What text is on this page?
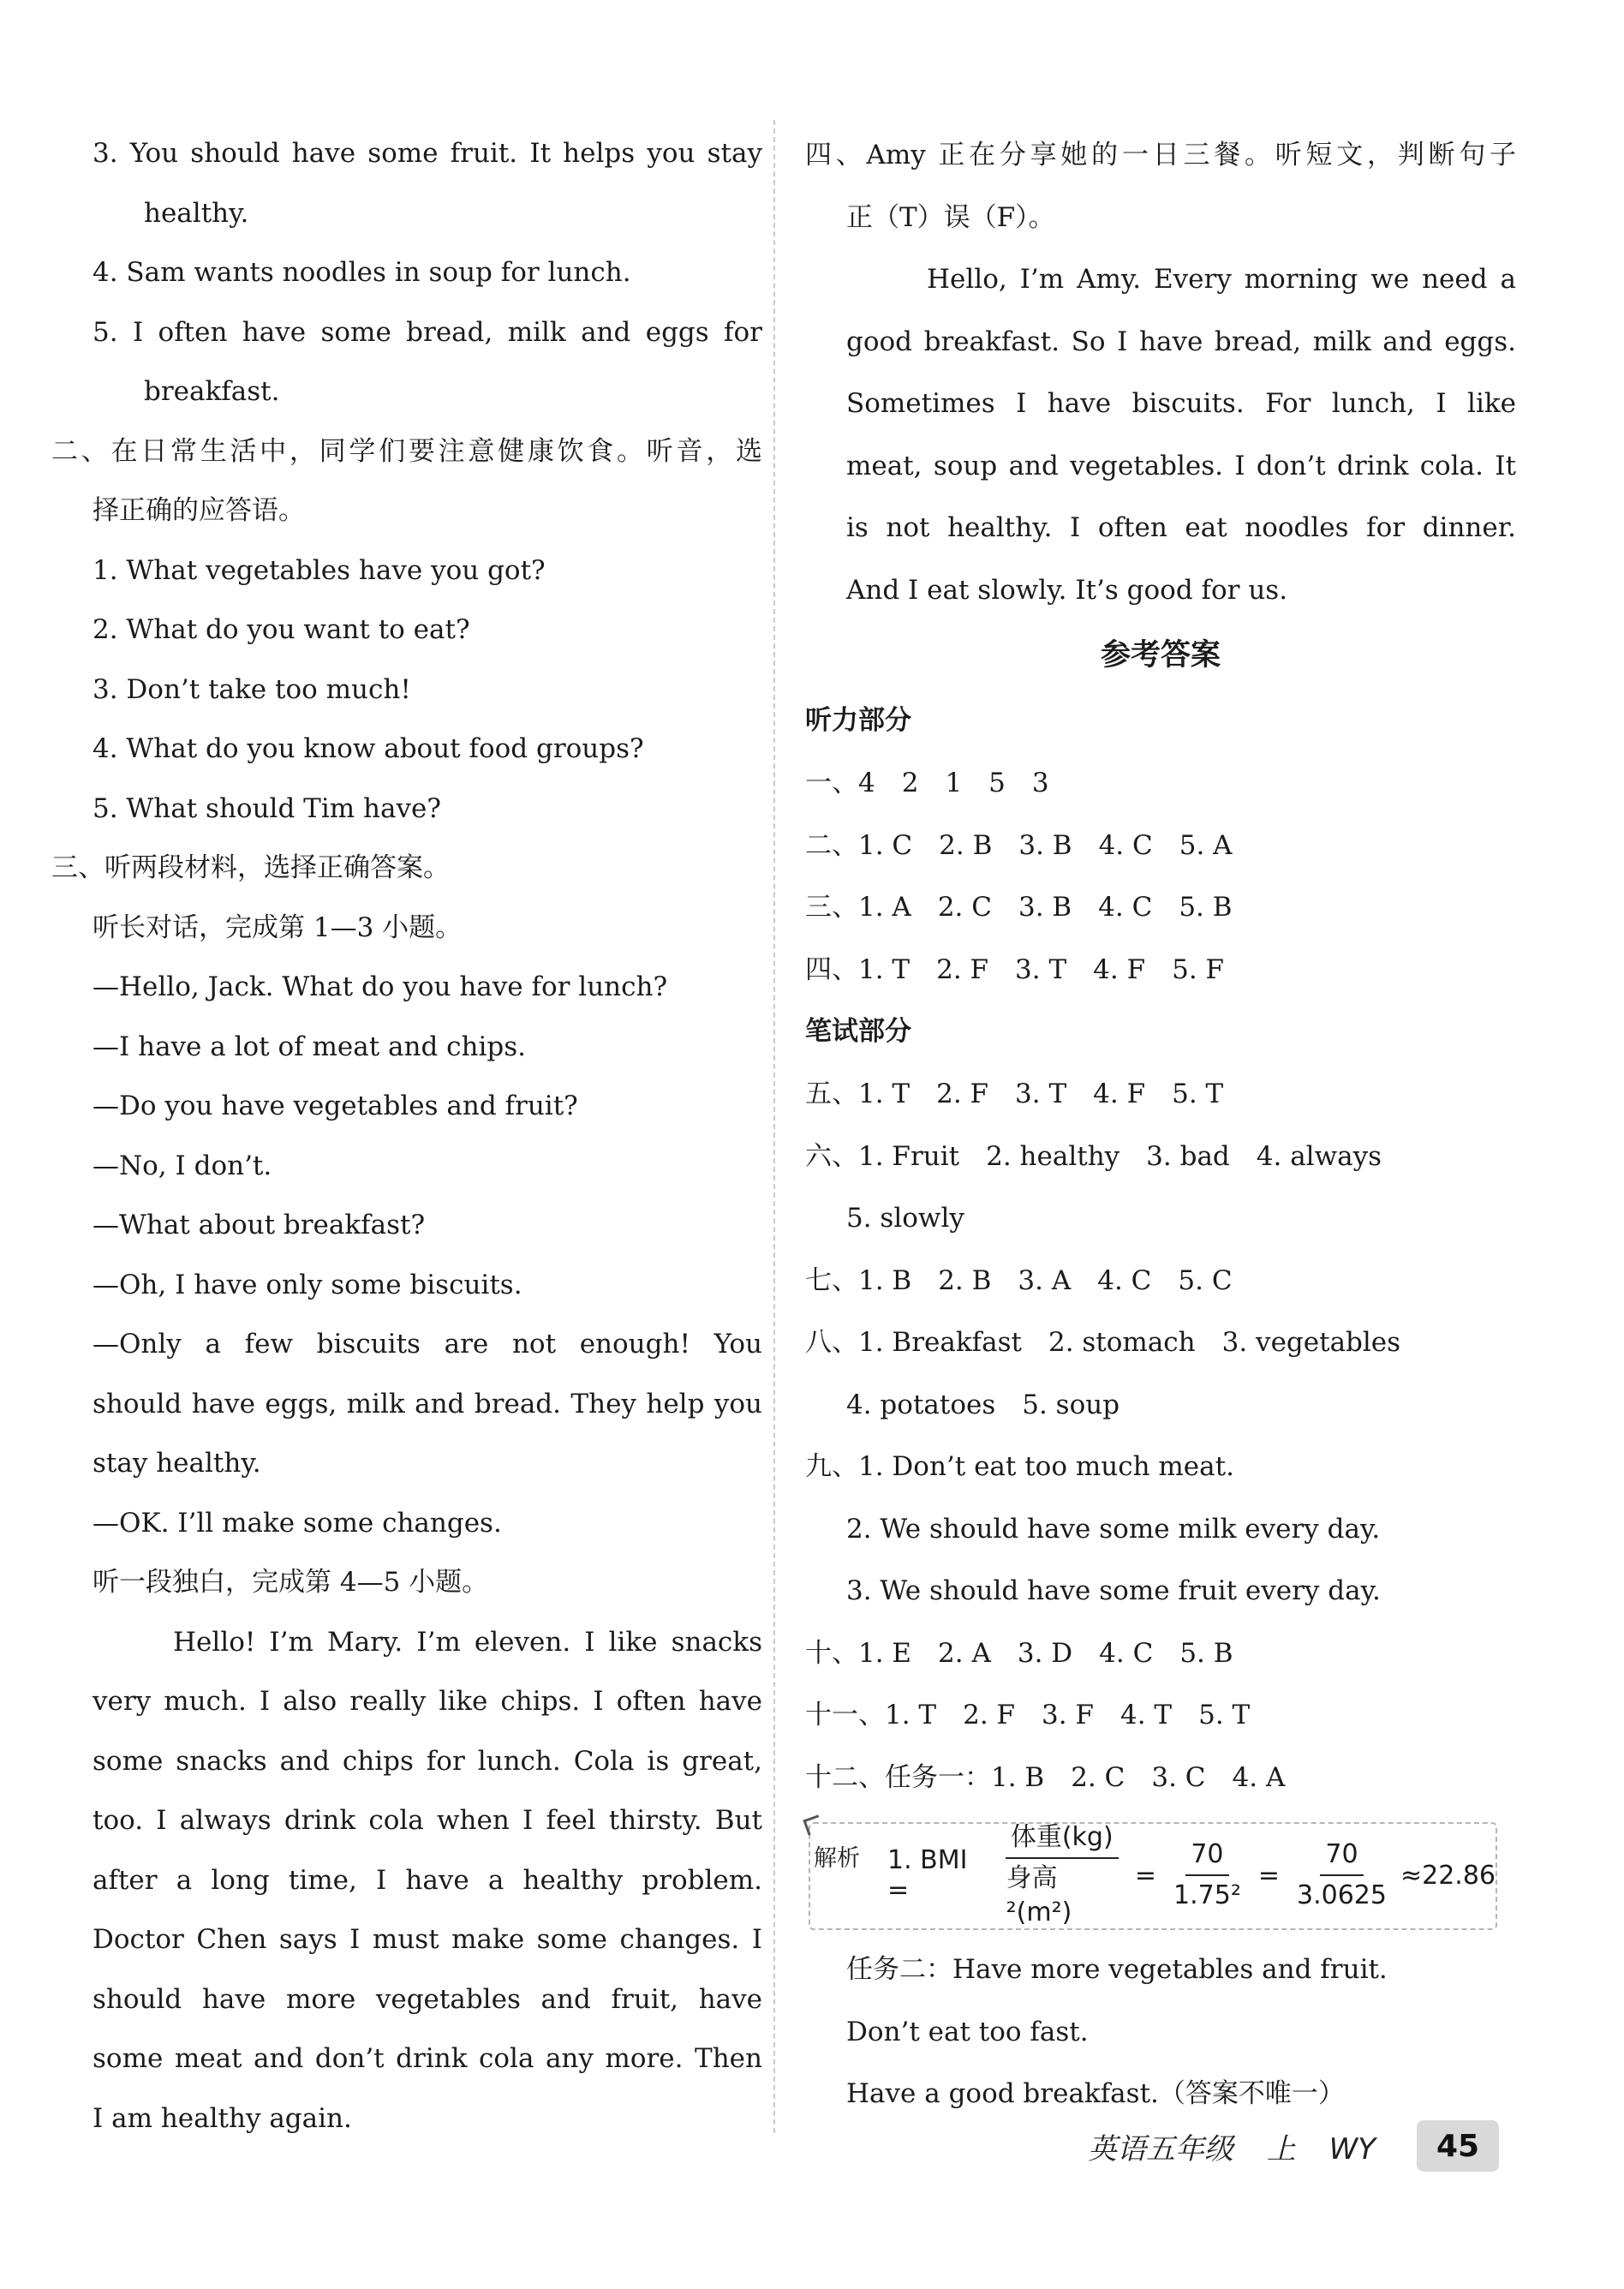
3. You should have some fruit. It helps you stay
healthy.
4. Sam wants noodles in soup for lunch.
5. I often have some bread, milk and eggs for
breakfast.
二、在日常生活中，同学们要注意健康饮食。听音，选
择正确的应答语。
1. What vegetables have you got?
2. What do you want to eat?
3. Don’t take too much!
4. What do you know about food groups?
5. What should Tim have?
三、听两段材料，选择正确答案。
听长对话，完成第 1—3 小题。
—Hello, Jack. What do you have for lunch?
—I have a lot of meat and chips.
—Do you have vegetables and fruit?
—No, I don’t.
—What about breakfast?
—Oh, I have only some biscuits.
—Only a few biscuits are not enough! You
should have eggs, milk and bread. They help you
stay healthy.
—OK. I’ll make some changes.
听一段独白，完成第 4—5 小题。
Hello! I’m Mary. I’m eleven. I like snacks
very much. I also really like chips. I often have
some snacks and chips for lunch. Cola is great,
too. I always drink cola when I feel thirsty. But
after a long time, I have a healthy problem.
Doctor Chen says I must make some changes. I
should have more vegetables and fruit, have
some meat and don’t drink cola any more. Then
I am healthy again.
四、Amy 正在分享她的一日三餐。听短文，判断句子
正（T）误（F）。
Hello, I’m Amy. Every morning we need a
good breakfast. So I have bread, milk and eggs.
Sometimes I have biscuits. For lunch, I like
meat, soup and vegetables. I don’t drink cola. It
is not healthy. I often eat noodles for dinner.
And I eat slowly. It’s good for us.
参考答案
听力部分
一、4　2　1　5　3
二、1. C　2. B　3. B　4. C　5. A
三、1. A　2. C　3. B　4. C　5. B
四、1. T　2. F　3. T　4. F　5. F
笔试部分
五、1. T　2. F　3. T　4. F　5. T
六、1. Fruit　2. healthy　3. bad　4. always
5. slowly
七、1. B　2. B　3. A　4. C　5. C
八、1. Breakfast　2. stomach　3. vegetables
4. potatoes　5. soup
九、1. Don’t eat too much meat.
2. We should have some milk every day.
3. We should have some fruit every day.
十、1. E　2. A　3. D　4. C　5. B
十一、1. T　2. F　3. F　4. T　5. T
十二、任务一：1. B　2. C　3. C　4. A
解析 1. BMI =	$\frac{\text{体重(kg)}}{\text{身高²(m²)}} = \frac{70}{\text{1.75²}} = \frac{70}{3.0625} \approx 22.86$
任务二：Have more vegetables and fruit.
Don’t eat too fast.
Have a good breakfast.（答案不唯一）
英语五年级 上 WY	45
